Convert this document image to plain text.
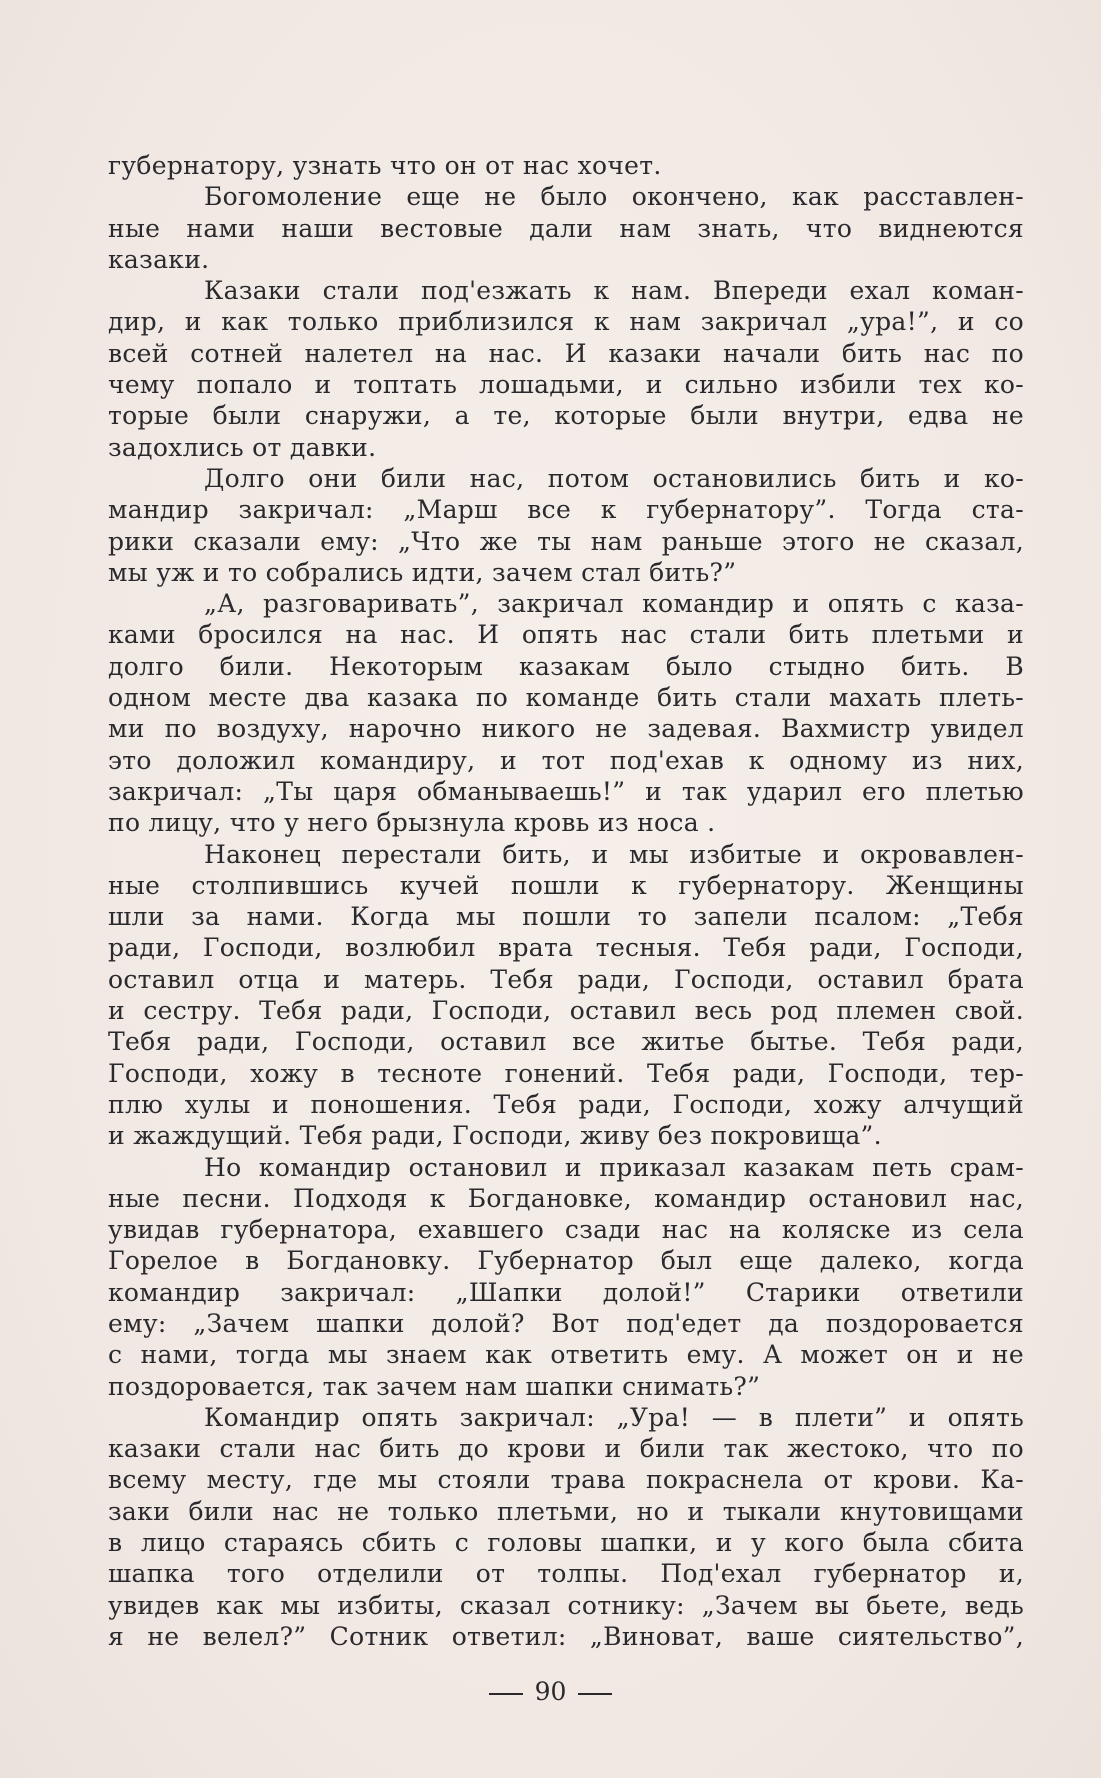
губернатору, узнать что он от нас хочет.
Богомоление еще не было окончено, как расставлен-
ные нами наши вестовые дали нам знать, что виднеются
казаки.
Казаки стали под'езжать к нам. Впереди ехал коман-
дир, и как только приблизился к нам закричал „ура!”, и со
всей сотней налетел на нас. И казаки начали бить нас по
чему попало и топтать лошадьми, и сильно избили тех ко-
торые были снаружи, а те, которые были внутри, едва не
задохлись от давки.
Долго они били нас, потом остановились бить и ко-
мандир закричал: „Марш все к губернатору”. Тогда ста-
рики сказали ему: „Что же ты нам раньше этого не сказал,
мы уж и то собрались идти, зачем стал бить?”
„А, разговаривать”, закричал командир и опять с каза-
ками бросился на нас. И опять нас стали бить плетьми и
долго били. Некоторым казакам было стыдно бить. В
одном месте два казака по команде бить стали махать плеть-
ми по воздуху, нарочно никого не задевая. Вахмистр увидел
это доложил командиру, и тот под'ехав к одному из них,
закричал: „Ты царя обманываешь!” и так ударил его плетью
по лицу, что у него брызнула кровь из носа .
Наконец перестали бить, и мы избитые и окровавлен-
ные столпившись кучей пошли к губернатору. Женщины
шли за нами. Когда мы пошли то запели псалом: „Тебя
ради, Господи, возлюбил врата тесныя. Тебя ради, Господи,
оставил отца и матерь. Тебя ради, Господи, оставил брата
и сестру. Тебя ради, Господи, оставил весь род племен свой.
Тебя ради, Господи, оставил все житье бытье. Тебя ради,
Господи, хожу в тесноте гонений. Тебя ради, Господи, тер-
плю хулы и поношения. Тебя ради, Господи, хожу алчущий
и жаждущий. Тебя ради, Господи, живу без покровища”.
Но командир остановил и приказал казакам петь срам-
ные песни. Подходя к Богдановке, командир остановил нас,
увидав губернатора, ехавшего сзади нас на коляске из села
Горелое в Богдановку. Губернатор был еще далеко, когда
командир закричал: „Шапки долой!” Старики ответили
ему: „Зачем шапки долой? Вот под'едет да поздоровается
с нами, тогда мы знаем как ответить ему. А может он и не
поздоровается, так зачем нам шапки снимать?”
Командир опять закричал: „Ура! — в плети” и опять
казаки стали нас бить до крови и били так жестоко, что по
всему месту, где мы стояли трава покраснела от крови. Ка-
заки били нас не только плетьми, но и тыкали кнутовищами
в лицо стараясь сбить с головы шапки, и у кого была сбита
шапка того отделили от толпы. Под'ехал губернатор и,
увидев как мы избиты, сказал сотнику: „Зачем вы бьете, ведь
я не велел?” Сотник ответил: „Виноват, ваше сиятельство”,
90
